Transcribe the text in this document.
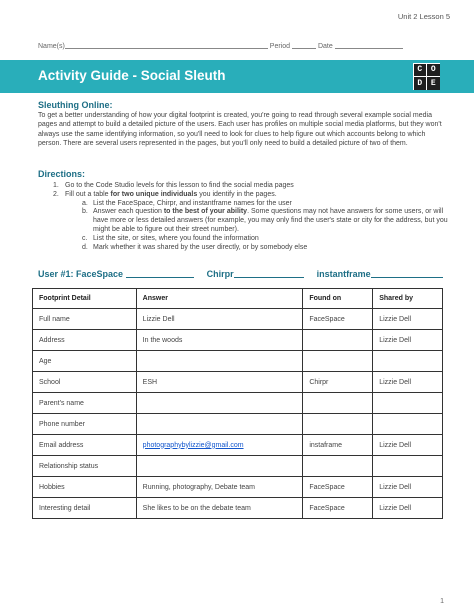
Unit 2 Lesson 5
Name(s)	Period	Date
Activity Guide - Social Sleuth	C	O
D	E
Sleuthing Online:
To get a better understanding of how your digital footprint is created, you're going to read through several example social media pages and attempt to build a detailed picture of the users. Each user has profiles on multiple social media platforms, but they won't always use the same identifying information, so you'll need to look for clues to help figure out which accounts belong to which person. There are several users represented in the pages, but you'll only need to build a detailed picture of two of them.
Directions:
1. Go to the Code Studio levels for this lesson to find the social media pages
2. Fill out a table for two unique individuals you identify in the pages.
a. List the FaceSpace, Chirpr, and instantframe names for the user
b. Answer each question to the best of your ability. Some questions may not have answers for some users, or will have more or less detailed answers (for example, you may only find the user's state or city for the address, but you might be able to figure out their street number).
c. List the site, or sites, where you found the information
d. Mark whether it was shared by the user directly, or by somebody else
User #1: FaceSpace	Chirpr	instantframe
Footprint Detail	Answer	Found on	Shared by
Full name	Lizzie Dell	FaceSpace	Lizzie Dell
Address	In the woods		Lizzie Dell
Age			
School	ESH	Chirpr	Lizzie Dell
Parent's name			
Phone number			
Email address	photographybylizzie@gmail.com	instaframe	Lizzie Dell
Relationship status			
Hobbies	Running, photography, Debate team	FaceSpace	Lizzie Dell
Interesting detail	She likes to be on the debate team	FaceSpace	Lizzie Dell
1
